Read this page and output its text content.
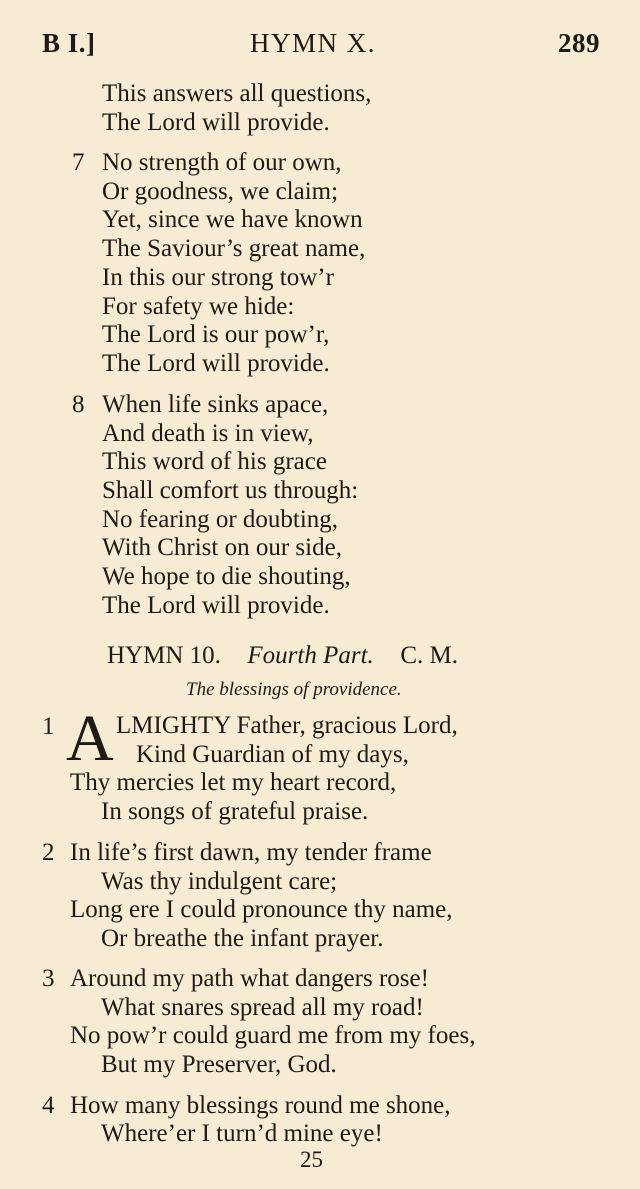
B I.]	HYMN X.	289
This answers all questions,
The Lord will provide.
7 No strength of our own,
Or goodness, we claim;
Yet, since we have known
The Saviour’s great name,
In this our strong tow’r
For safety we hide:
The Lord is our pow’r,
The Lord will provide.
8 When life sinks apace,
And death is in view,
This word of his grace
Shall comfort us through:
No fearing or doubting,
With Christ on our side,
We hope to die shouting,
The Lord will provide.
HYMN 10. Fourth Part. C. M.
The blessings of providence.
1 A LMIGHTY Father, gracious Lord,
Kind Guardian of my days,
Thy mercies let my heart record,
In songs of grateful praise.
2 In life’s first dawn, my tender frame
Was thy indulgent care;
Long ere I could pronounce thy name,
Or breathe the infant prayer.
3 Around my path what dangers rose!
What snares spread all my road!
No pow’r could guard me from my foes,
But my Preserver, God.
4 How many blessings round me shone,
Where’er I turn’d mine eye!
25
